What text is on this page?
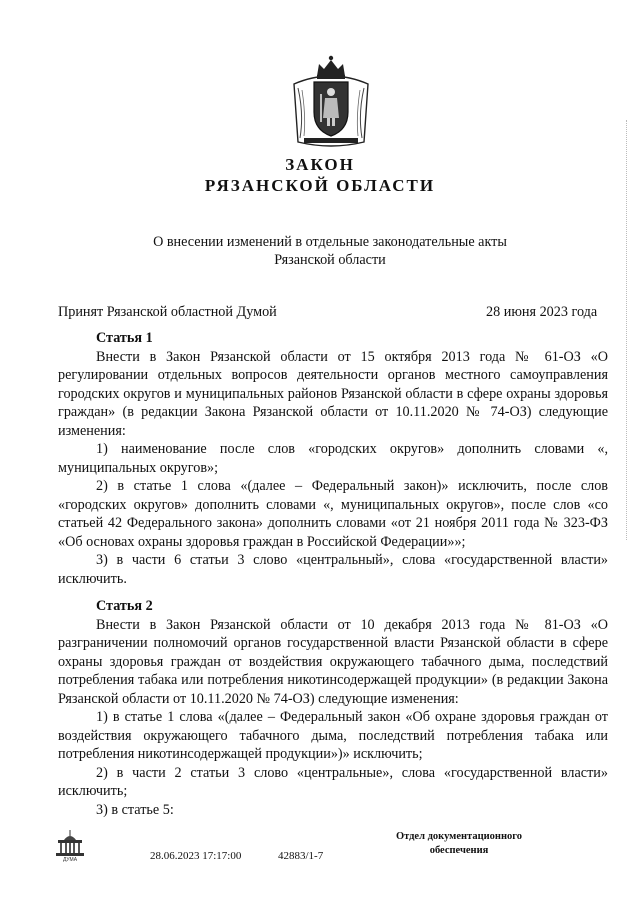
ЗАКОН
РЯЗАНСКОЙ ОБЛАСТИ
О внесении изменений в отдельные законодательные акты
Рязанской области
Принят Рязанской областной Думой	28 июня 2023 года

Статья 1

Внести в Закон Рязанской области от 15 октября 2013 года № 61-ОЗ «О регулировании отдельных вопросов деятельности органов местного самоуправления городских округов и муниципальных районов Рязанской области в сфере охраны здоровья граждан» (в редакции Закона Рязанской области от 10.11.2020 № 74-ОЗ) следующие изменения:

1) наименование после слов «городских округов» дополнить словами «, муниципальных округов»;

2) в статье 1 слова «(далее – Федеральный закон)» исключить, после слов «городских округов» дополнить словами «, муниципальных округов», после слов «со статьей 42 Федерального закона» дополнить словами «от 21 ноября 2011 года № 323-ФЗ «Об основах охраны здоровья граждан в Российской Федерации»»;

3) в части 6 статьи 3 слово «центральный», слова «государственной власти» исключить.

Статья 2

Внести в Закон Рязанской области от 10 декабря 2013 года № 81-ОЗ «О разграничении полномочий органов государственной власти Рязанской области в сфере охраны здоровья граждан от воздействия окружающего табачного дыма, последствий потребления табака или потребления никотинсодержащей продукции» (в редакции Закона Рязанской области от 10.11.2020 № 74-ОЗ) следующие изменения:

1) в статье 1 слова «(далее – Федеральный закон «Об охране здоровья граждан от воздействия окружающего табачного дыма, последствий потребления табака или потребления никотинсодержащей продукции»)» исключить;

2) в части 2 статьи 3 слово «центральные», слова «государственной власти» исключить;

3) в статье 5:

ДУМА	28.06.2023 17:17:00	42883/1-7
Отдел документационного
обеспечения
